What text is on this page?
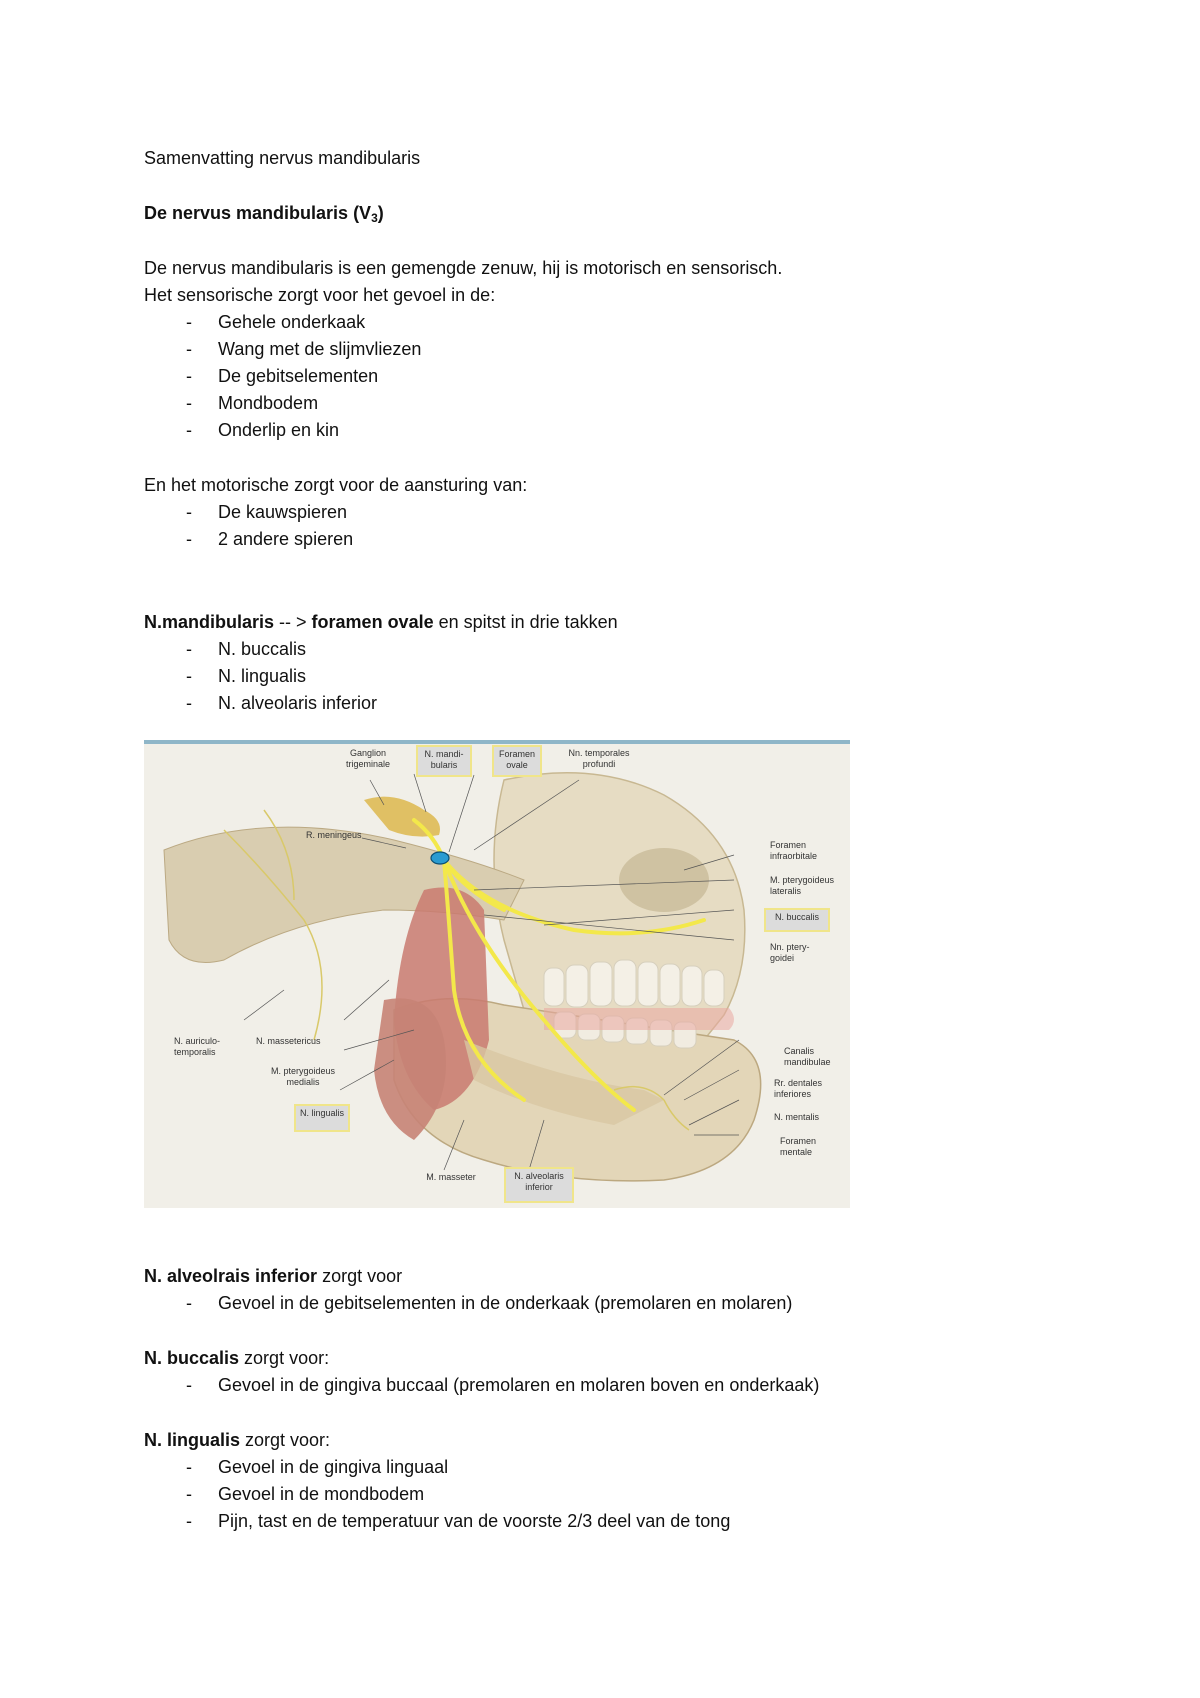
Samenvatting nervus mandibularis
De nervus mandibularis $(V_3)$
De nervus mandibularis is een gemengde zenuw, hij is motorisch en sensorisch.
Het sensorische zorgt voor het gevoel in de:
- Gehele onderkaak
- Wang met de slijmvliezen
- De gebitselementen
- Mondbodem
- Onderlip en kin
En het motorische zorgt voor de aansturing van:
- De kauwspieren
- 2 andere spieren
N.mandibularis -- > foramen ovale en spitst in drie takken
- N. buccalis
- N. lingualis
- N. alveolaris inferior
Ganglion trigeminale
N. mandi-bularis
Foramen ovale
Nn. temporales profundi
R. meningeus
Foramen infraorbitale
M. pterygoideus lateralis
N. buccalis
Nn. ptery-goidei
N. auriculo-temporalis
N. massetericus
M. pterygoideus medialis
N. lingualis
Canalis mandibulae
Rr. dentales inferiores
N. mentalis
Foramen mentale
M. masseter	N. alveolaris inferior
N. alveolrais inferior zorgt voor
- Gevoel in de gebitselementen in de onderkaak (premolaren en molaren)
N. buccalis zorgt voor:
- Gevoel in de gingiva buccaal (premolaren en molaren boven en onderkaak)
N. lingualis zorgt voor:
- Gevoel in de gingiva linguaal
- Gevoel in de mondbodem
- Pijn, tast en de temperatuur van de voorste 2/3 deel van de tong
